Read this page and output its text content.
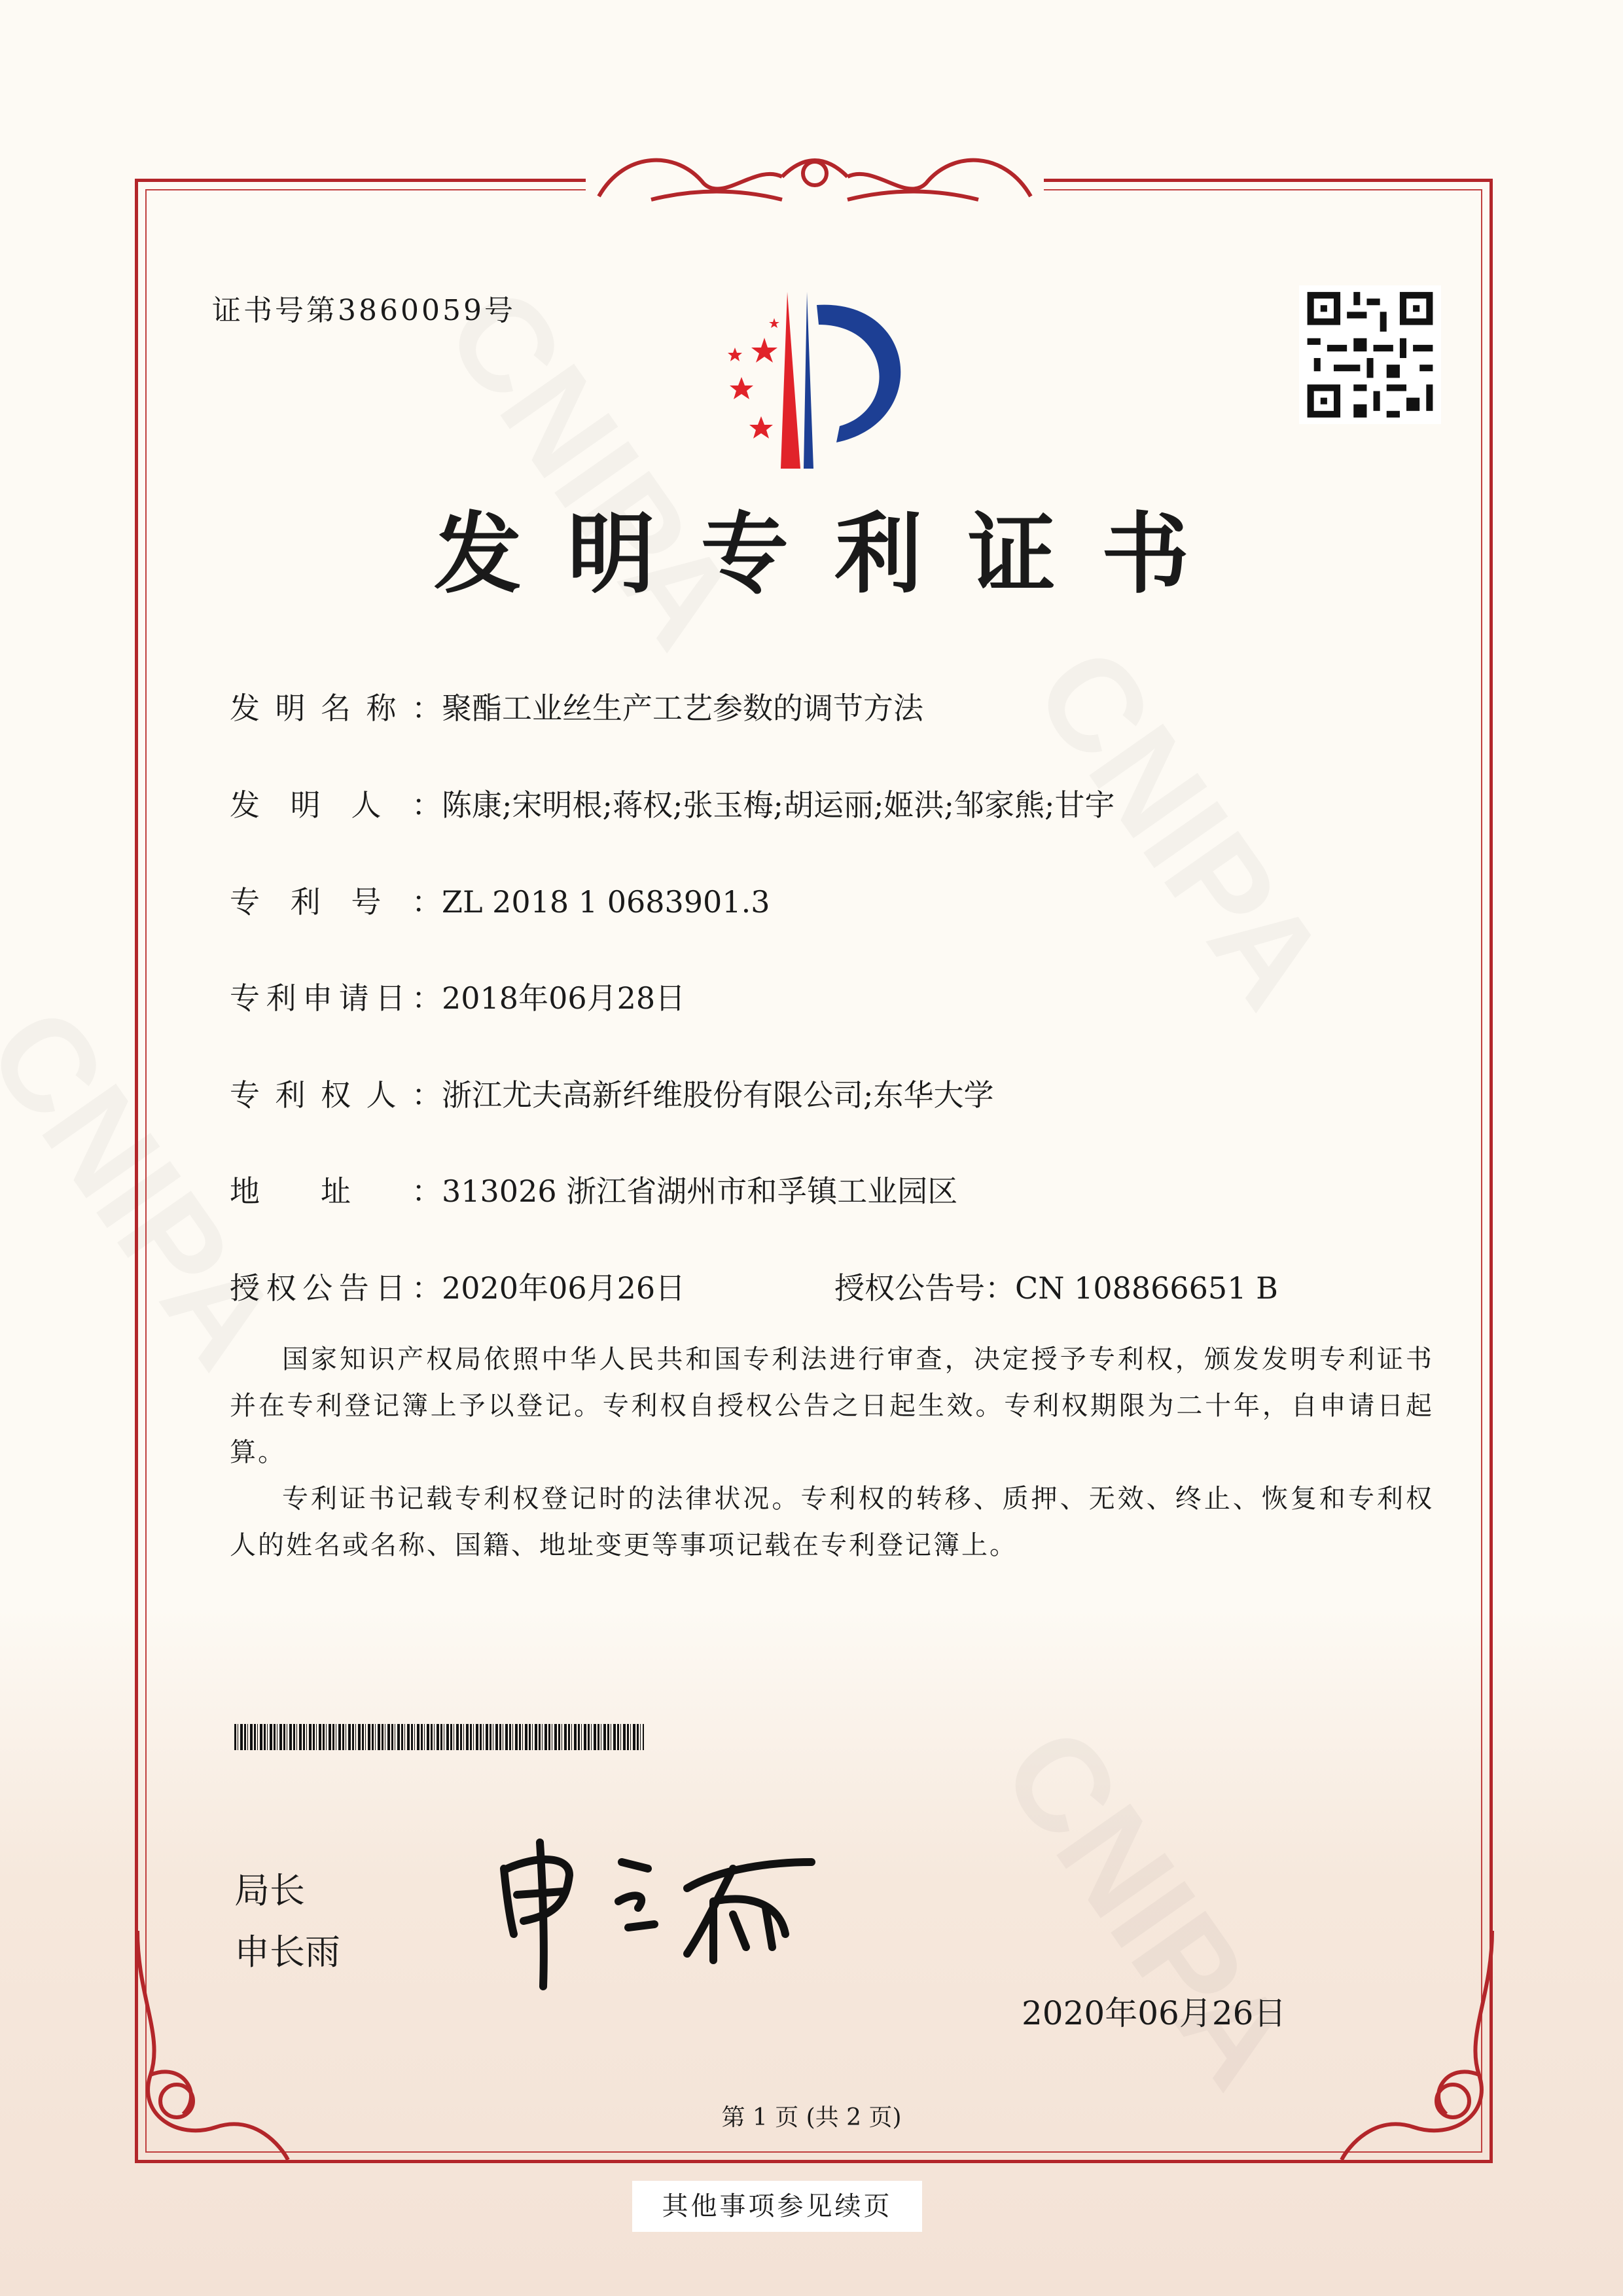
证书号第3860059号
发明专利证书
发明名称：聚酯工业丝生产工艺参数的调节方法
发明人：陈康;宋明根;蒋权;张玉梅;胡运丽;姬洪;邹家熊;甘宇
专利号：ZL 2018 1 0683901.3
专利申请日：2018年06月28日
专利权人：浙江尤夫高新纤维股份有限公司;东华大学
地址：313026 浙江省湖州市和孚镇工业园区
授权公告日：2020年06月26日	授权公告号：CN 108866651 B

国家知识产权局依照中华人民共和国专利法进行审查，决定授予专利权，颁发发明专利证书并在专利登记簿上予以登记。专利权自授权公告之日起生效。专利权期限为二十年，自申请日起算。

专利证书记载专利权登记时的法律状况。专利权的转移、质押、无效、终止、恢复和专利权人的姓名或名称、国籍、地址变更等事项记载在专利登记簿上。

局长
申长雨
2020年06月26日
第 1 页 (共 2 页)
其他事项参见续页
